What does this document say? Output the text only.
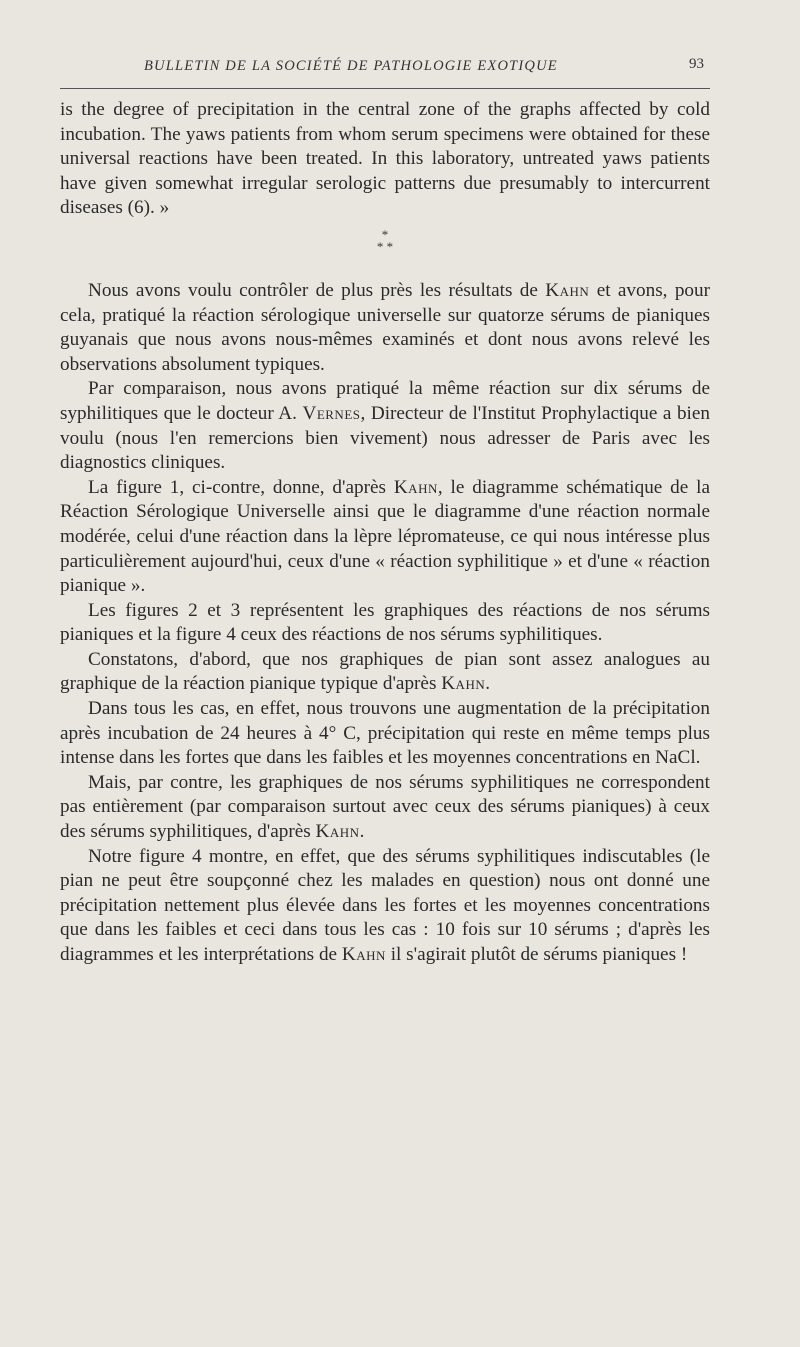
BULLETIN DE LA SOCIÉTÉ DE PATHOLOGIE EXOTIQUE	93

is the degree of precipitation in the central zone of the graphs affected by cold incubation. The yaws patients from whom serum specimens were obtained for these universal reactions have been treated. In this laboratory, untreated yaws patients have given somewhat irregular serologic patterns due presumably to intercurrent diseases (6). »

*
* *

Nous avons voulu contrôler de plus près les résultats de Kahn et avons, pour cela, pratiqué la réaction sérologique universelle sur quatorze sérums de pianiques guyanais que nous avons nous-mêmes examinés et dont nous avons relevé les observations absolument typiques.

Par comparaison, nous avons pratiqué la même réaction sur dix sérums de syphilitiques que le docteur A. Vernes, Directeur de l'Institut Prophylactique a bien voulu (nous l'en remercions bien vivement) nous adresser de Paris avec les diagnostics cliniques.

La figure 1, ci-contre, donne, d'après Kahn, le diagramme schématique de la Réaction Sérologique Universelle ainsi que le diagramme d'une réaction normale modérée, celui d'une réaction dans la lèpre lépromateuse, ce qui nous intéresse plus particulièrement aujourd'hui, ceux d'une « réaction syphilitique » et d'une « réaction pianique ».

Les figures 2 et 3 représentent les graphiques des réactions de nos sérums pianiques et la figure 4 ceux des réactions de nos sérums syphilitiques.

Constatons, d'abord, que nos graphiques de pian sont assez analogues au graphique de la réaction pianique typique d'après Kahn.

Dans tous les cas, en effet, nous trouvons une augmentation de la précipitation après incubation de 24 heures à 4° C, précipitation qui reste en même temps plus intense dans les fortes que dans les faibles et les moyennes concentrations en NaCl.

Mais, par contre, les graphiques de nos sérums syphilitiques ne correspondent pas entièrement (par comparaison surtout avec ceux des sérums pianiques) à ceux des sérums syphilitiques, d'après Kahn.

Notre figure 4 montre, en effet, que des sérums syphilitiques indiscutables (le pian ne peut être soupçonné chez les malades en question) nous ont donné une précipitation nettement plus élevée dans les fortes et les moyennes concentrations que dans les faibles et ceci dans tous les cas : 10 fois sur 10 sérums ; d'après les diagrammes et les interprétations de Kahn il s'agirait plutôt de sérums pianiques !
